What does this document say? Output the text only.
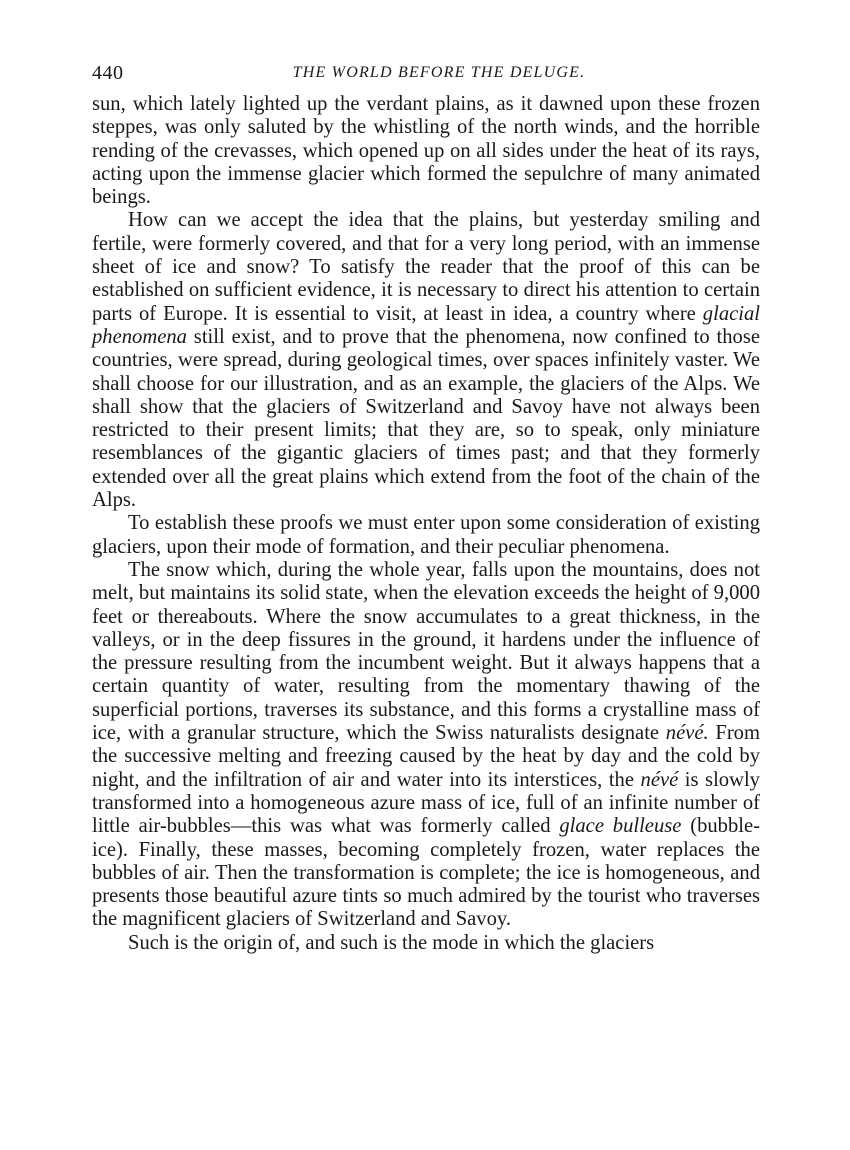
440	THE WORLD BEFORE THE DELUGE.

sun, which lately lighted up the verdant plains, as it dawned upon these frozen steppes, was only saluted by the whistling of the north winds, and the horrible rending of the crevasses, which opened up on all sides under the heat of its rays, acting upon the immense glacier which formed the sepulchre of many animated beings.

How can we accept the idea that the plains, but yesterday smiling and fertile, were formerly covered, and that for a very long period, with an immense sheet of ice and snow? To satisfy the reader that the proof of this can be established on sufficient evidence, it is necessary to direct his attention to certain parts of Europe. It is essential to visit, at least in idea, a country where glacial phenomena still exist, and to prove that the phenomena, now confined to those countries, were spread, during geological times, over spaces infinitely vaster. We shall choose for our illustration, and as an example, the glaciers of the Alps. We shall show that the glaciers of Switzerland and Savoy have not always been restricted to their present limits; that they are, so to speak, only miniature resemblances of the gigantic glaciers of times past; and that they formerly extended over all the great plains which extend from the foot of the chain of the Alps.

To establish these proofs we must enter upon some consideration of existing glaciers, upon their mode of formation, and their peculiar phenomena.

The snow which, during the whole year, falls upon the mountains, does not melt, but maintains its solid state, when the elevation exceeds the height of 9,000 feet or thereabouts. Where the snow accumulates to a great thickness, in the valleys, or in the deep fissures in the ground, it hardens under the influence of the pressure resulting from the incumbent weight. But it always happens that a certain quantity of water, resulting from the momentary thawing of the superficial portions, traverses its substance, and this forms a crystalline mass of ice, with a granular structure, which the Swiss naturalists designate névé. From the successive melting and freezing caused by the heat by day and the cold by night, and the infiltration of air and water into its interstices, the névé is slowly transformed into a homogeneous azure mass of ice, full of an infinite number of little air-bubbles—this was what was formerly called glace bulleuse (bubble-ice). Finally, these masses, becoming completely frozen, water replaces the bubbles of air. Then the transformation is complete; the ice is homogeneous, and presents those beautiful azure tints so much admired by the tourist who traverses the magnificent glaciers of Switzerland and Savoy.

Such is the origin of, and such is the mode in which the glaciers
